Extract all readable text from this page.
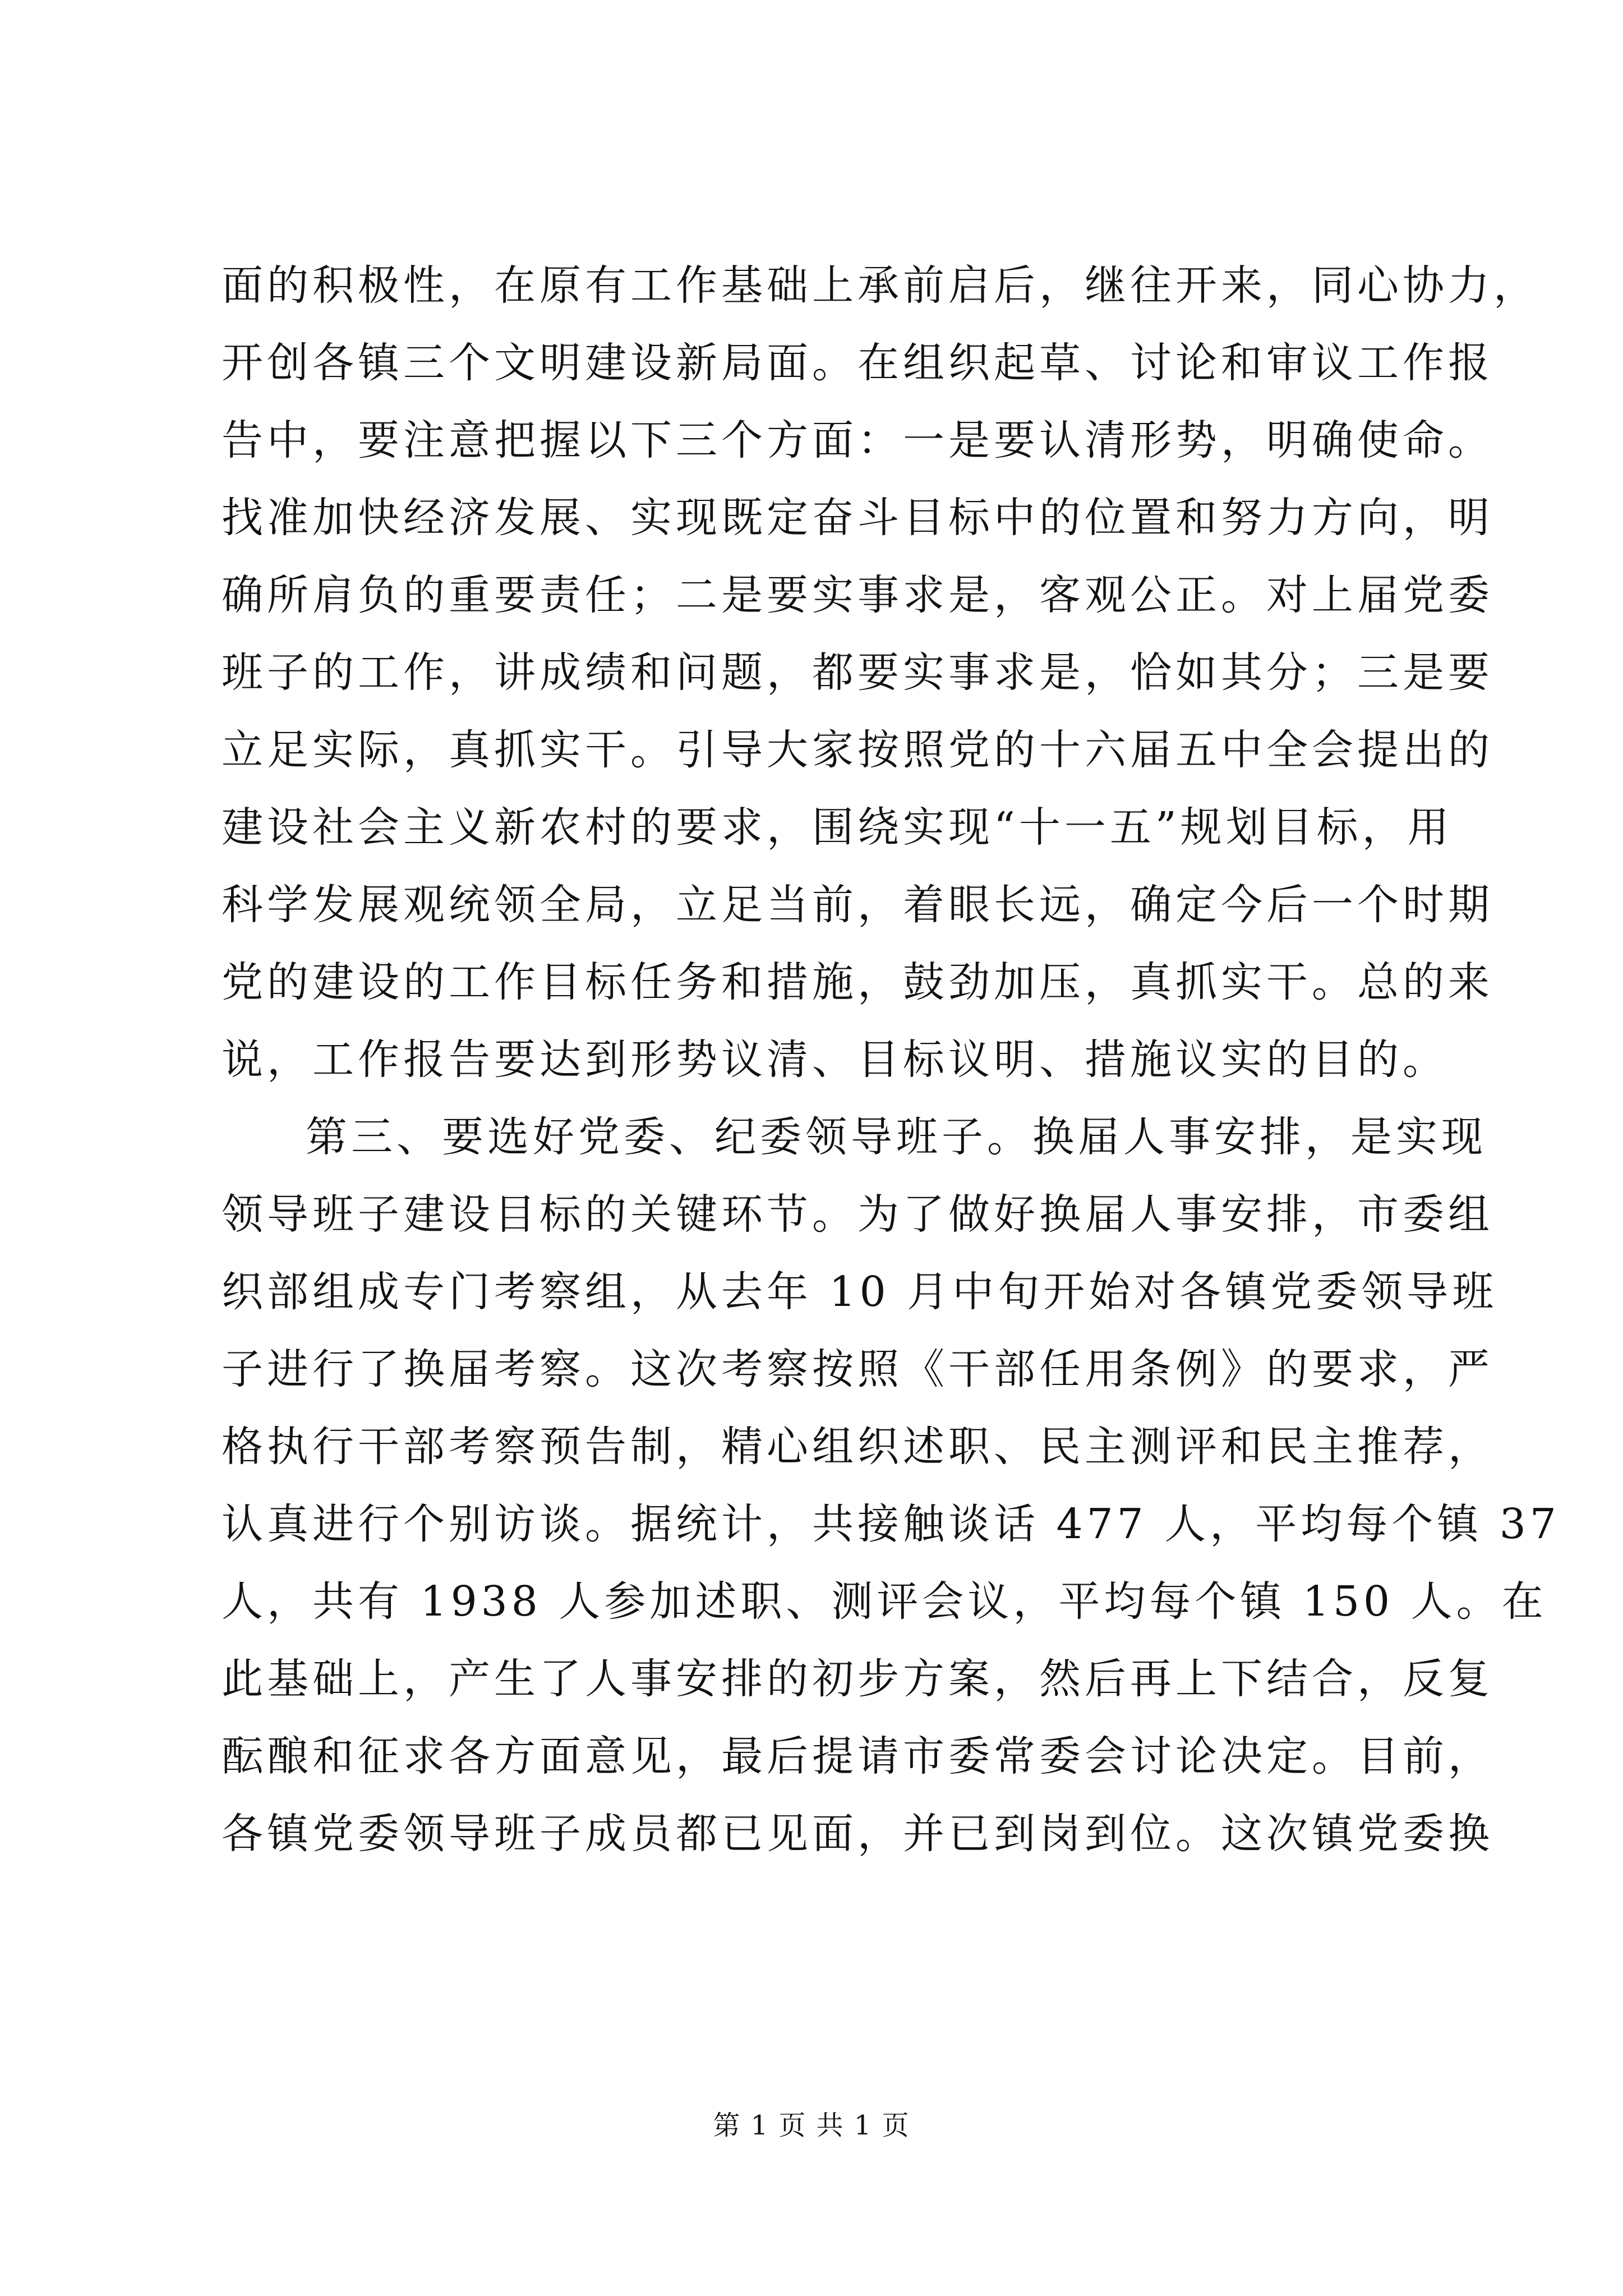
面的积极性，在原有工作基础上承前启后，继往开来，同心协力，
开创各镇三个文明建设新局面。在组织起草、讨论和审议工作报
告中，要注意把握以下三个方面：一是要认清形势，明确使命。
找准加快经济发展、实现既定奋斗目标中的位置和努力方向，明
确所肩负的重要责任；二是要实事求是，客观公正。对上届党委
班子的工作，讲成绩和问题，都要实事求是，恰如其分；三是要
立足实际，真抓实干。引导大家按照党的十六届五中全会提出的
建设社会主义新农村的要求，围绕实现“十一五”规划目标，用
科学发展观统领全局，立足当前，着眼长远，确定今后一个时期
党的建设的工作目标任务和措施，鼓劲加压，真抓实干。总的来
说，工作报告要达到形势议清、目标议明、措施议实的目的。
第三、要选好党委、纪委领导班子。换届人事安排，是实现
领导班子建设目标的关键环节。为了做好换届人事安排，市委组
织部组成专门考察组，从去年 10 月中旬开始对各镇党委领导班
子进行了换届考察。这次考察按照《干部任用条例》的要求，严
格执行干部考察预告制，精心组织述职、民主测评和民主推荐，
认真进行个别访谈。据统计，共接触谈话 477 人，平均每个镇 37
人，共有 1938 人参加述职、测评会议，平均每个镇 150 人。在
此基础上，产生了人事安排的初步方案，然后再上下结合，反复
酝酿和征求各方面意见，最后提请市委常委会讨论决定。目前，
各镇党委领导班子成员都已见面，并已到岗到位。这次镇党委换
第 1 页 共 1 页
